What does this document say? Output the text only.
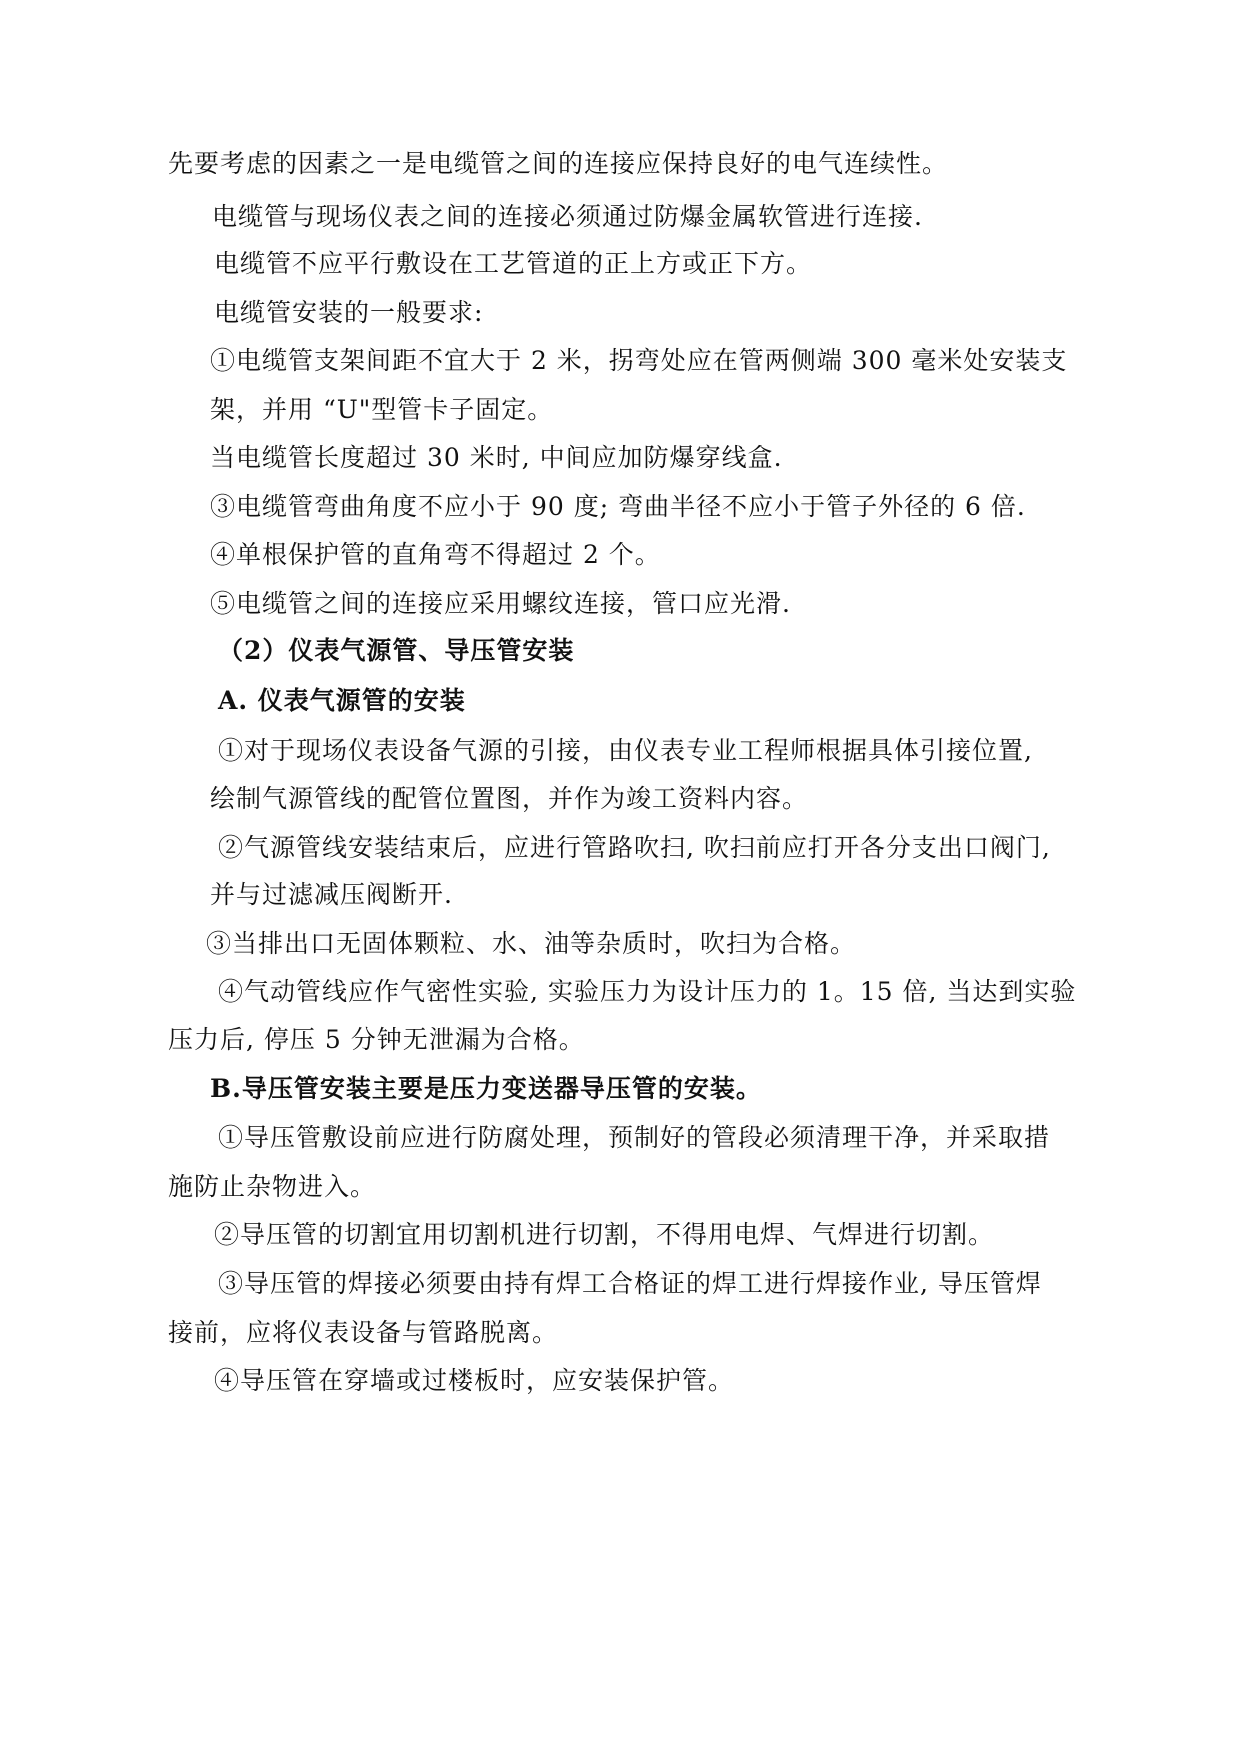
先要考虑的因素之一是电缆管之间的连接应保持良好的电气连续性。
电缆管与现场仪表之间的连接必须通过防爆金属软管进行连接.
电缆管不应平行敷设在工艺管道的正上方或正下方。
电缆管安装的一般要求:
①电缆管支架间距不宜大于 2 米，拐弯处应在管两侧端 300 毫米处安装支
架，并用 “U"型管卡子固定。
当电缆管长度超过 30 米时, 中间应加防爆穿线盒.
③电缆管弯曲角度不应小于 90 度; 弯曲半径不应小于管子外径的 6 倍.
④单根保护管的直角弯不得超过 2 个。
⑤电缆管之间的连接应采用螺纹连接，管口应光滑.
（2）仪表气源管、导压管安装
A. 仪表气源管的安装
①对于现场仪表设备气源的引接，由仪表专业工程师根据具体引接位置,
绘制气源管线的配管位置图，并作为竣工资料内容。
②气源管线安装结束后，应进行管路吹扫, 吹扫前应打开各分支出口阀门,
并与过滤减压阀断开.
③当排出口无固体颗粒、水、油等杂质时，吹扫为合格。
④气动管线应作气密性实验, 实验压力为设计压力的 1。15 倍, 当达到实验
压力后, 停压 5 分钟无泄漏为合格。
B.导压管安装主要是压力变送器导压管的安装。
①导压管敷设前应进行防腐处理，预制好的管段必须清理干净，并采取措
施防止杂物进入。
②导压管的切割宜用切割机进行切割，不得用电焊、气焊进行切割。
③导压管的焊接必须要由持有焊工合格证的焊工进行焊接作业, 导压管焊
接前，应将仪表设备与管路脱离。
④导压管在穿墙或过楼板时，应安装保护管。
